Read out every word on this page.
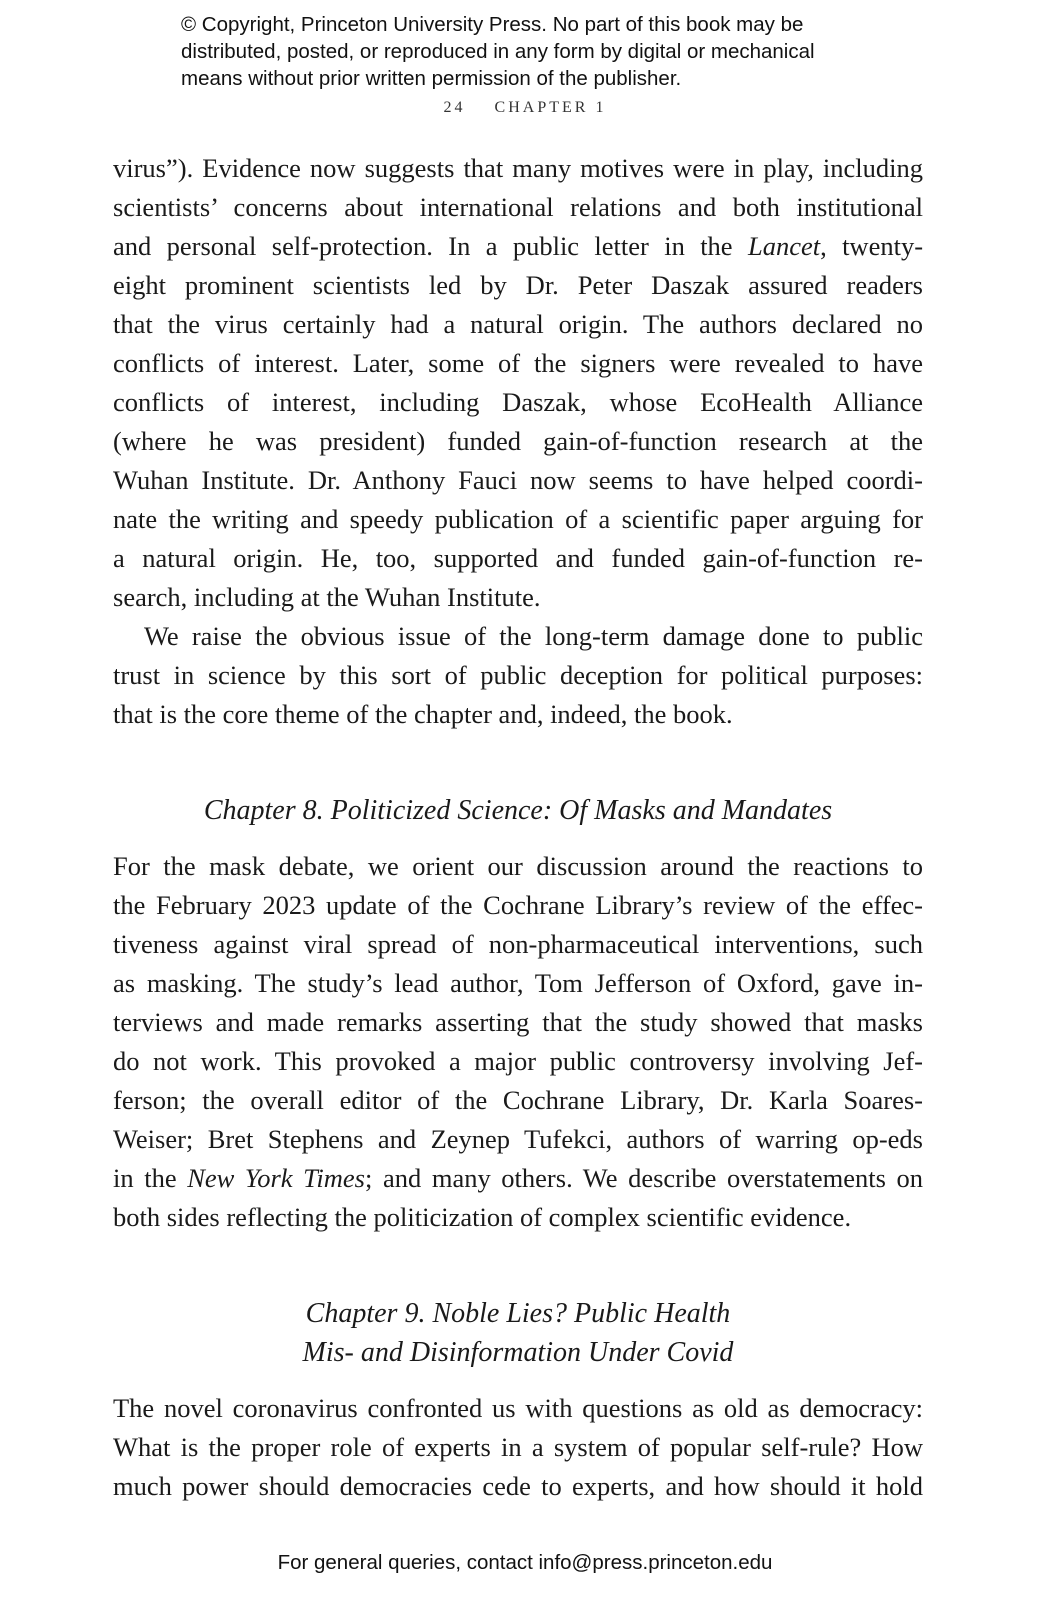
© Copyright, Princeton University Press. No part of this book may be
distributed, posted, or reproduced in any form by digital or mechanical
means without prior written permission of the publisher.
24 CHAPTER 1
virus”). Evidence now suggests that many motives were in play, including
scientists’ concerns about international relations and both institutional
and personal self-protection. In a public letter in the Lancet, twenty-
eight prominent scientists led by Dr. Peter Daszak assured readers
that the virus certainly had a natural origin. The authors declared no
conflicts of interest. Later, some of the signers were revealed to have
conflicts of interest, including Daszak, whose EcoHealth Alliance
(where he was president) funded gain-of-function research at the
Wuhan Institute. Dr. Anthony Fauci now seems to have helped coordi-
nate the writing and speedy publication of a scientific paper arguing for
a natural origin. He, too, supported and funded gain-of-function re-
search, including at the Wuhan Institute.
We raise the obvious issue of the long-term damage done to public
trust in science by this sort of public deception for political purposes:
that is the core theme of the chapter and, indeed, the book.
Chapter 8. Politicized Science: Of Masks and Mandates
For the mask debate, we orient our discussion around the reactions to
the February 2023 update of the Cochrane Library’s review of the effec-
tiveness against viral spread of non-pharmaceutical interventions, such
as masking. The study’s lead author, Tom Jefferson of Oxford, gave in-
terviews and made remarks asserting that the study showed that masks
do not work. This provoked a major public controversy involving Jef-
ferson; the overall editor of the Cochrane Library, Dr. Karla Soares-
Weiser; Bret Stephens and Zeynep Tufekci, authors of warring op-eds
in the New York Times; and many others. We describe overstatements on
both sides reflecting the politicization of complex scientific evidence.
Chapter 9. Noble Lies? Public Health
Mis- and Disinformation Under Covid
The novel coronavirus confronted us with questions as old as democracy:
What is the proper role of experts in a system of popular self-rule? How
much power should democracies cede to experts, and how should it hold
For general queries, contact info@press.princeton.edu
